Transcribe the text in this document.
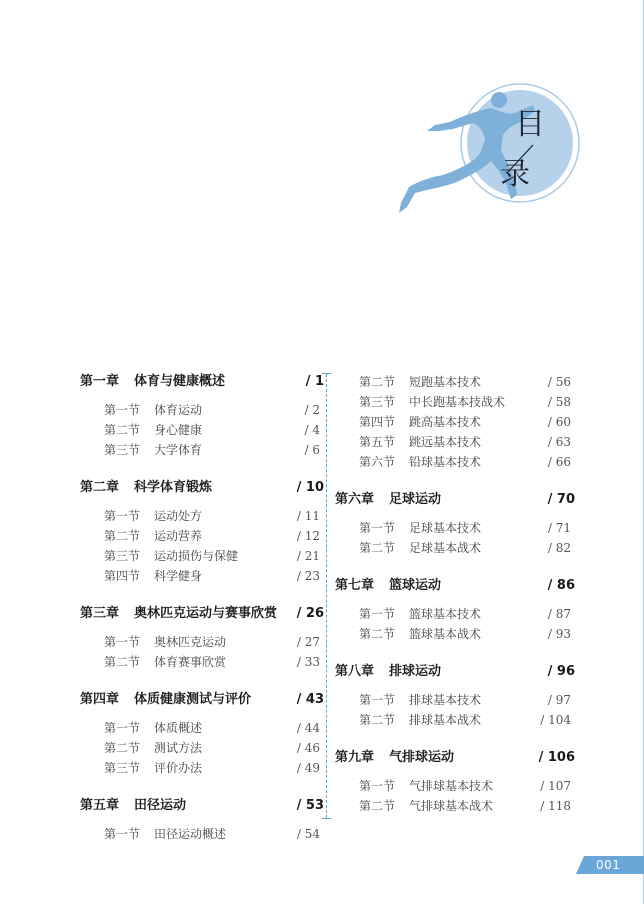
目
录
第一章 体育与健康概述	/ 1
第一节 体育运动	/ 2
第二节 身心健康	/ 4
第三节 大学体育	/ 6
第二章 科学体育锻炼	/ 10
第一节 运动处方	/ 11
第二节 运动营养	/ 12
第三节 运动损伤与保健	/ 21
第四节 科学健身	/ 23
第三章 奥林匹克运动与赛事欣赏 / 26
第一节 奥林匹克运动	/ 27
第二节 体育赛事欣赏	/ 33
第四章 体质健康测试与评价	/ 43
第一节 体质概述	/ 44
第二节 测试方法	/ 46
第三节 评价办法	/ 49
第五章 田径运动	/ 53
第一节 田径运动概述	/ 54
第二节 短跑基本技术	/ 56
第三节 中长跑基本技战术	/ 58
第四节 跳高基本技术	/ 60
第五节 跳远基本技术	/ 63
第六节 铅球基本技术	/ 66
第六章 足球运动	/ 70
第一节 足球基本技术	/ 71
第二节 足球基本战术	/ 82
第七章 篮球运动	/ 86
第一节 篮球基本技术	/ 87
第二节 篮球基本战术	/ 93
第八章 排球运动	/ 96
第一节 排球基本技术	/ 97
第二节 排球基本战术	/ 104
第九章 气排球运动	/ 106
第一节 气排球基本技术	/ 107
第二节 气排球基本战术	/ 118
001
